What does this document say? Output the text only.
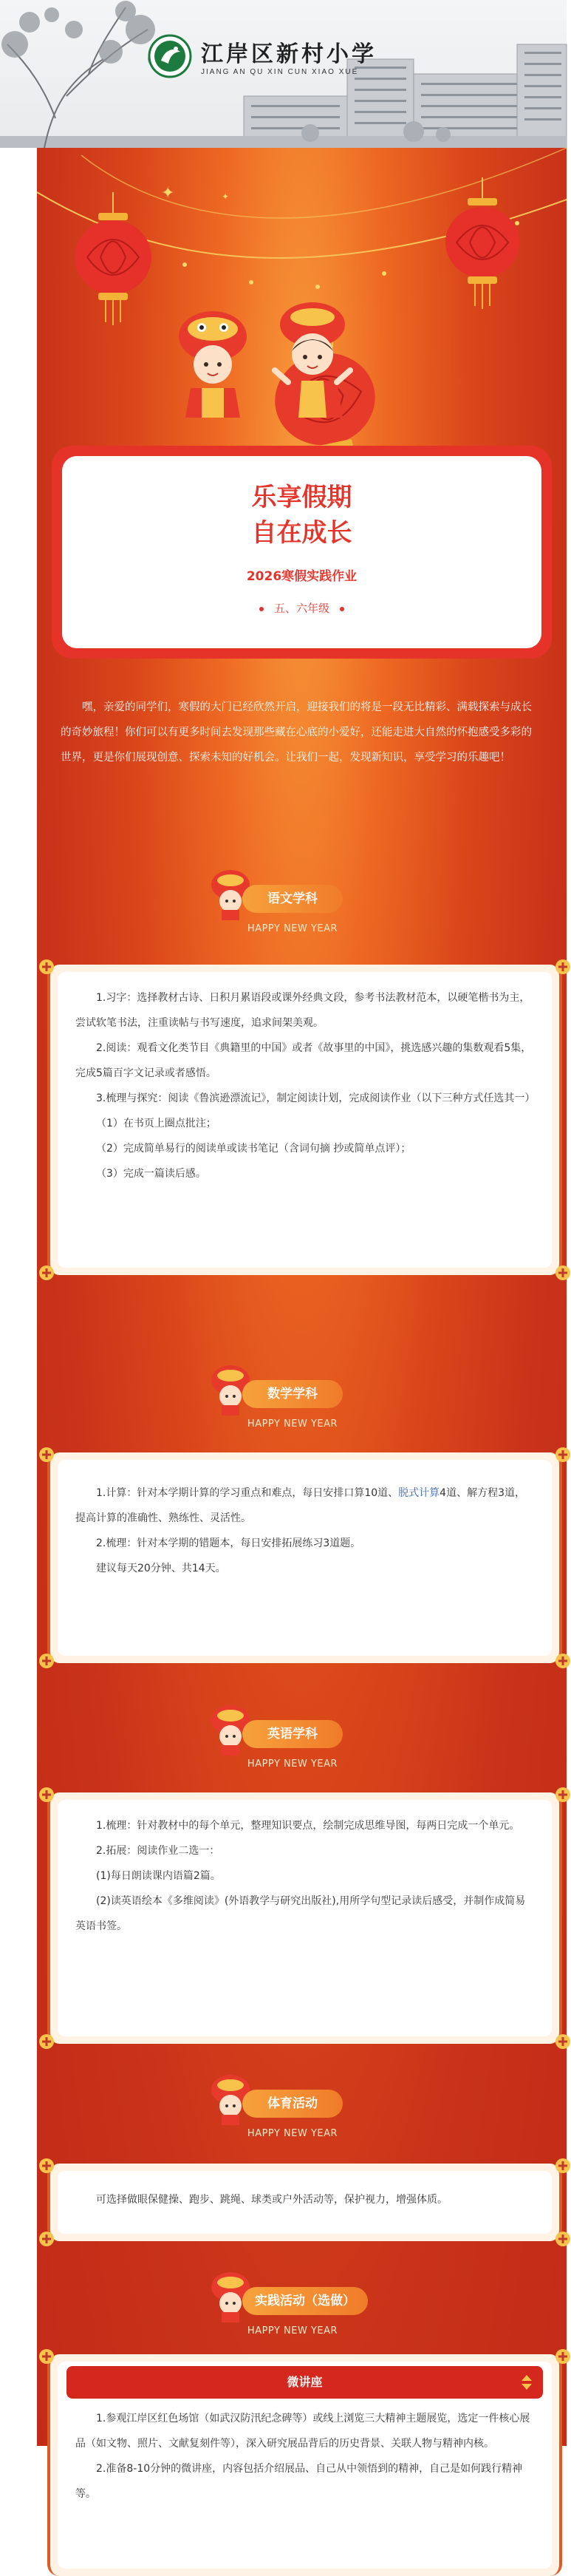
江岸区新村小学
JIANG AN QU XIN CUN XIAO XUE
✦	✦
乐享假期
自在成长
2026寒假实践作业
五、六年级

嘿，亲爱的同学们，寒假的大门已经欣然开启，迎接我们的将是一段无比精彩、满载探索与成长的奇妙旅程！你们可以有更多时间去发现那些藏在心底的小爱好，还能走进大自然的怀抱感受多彩的世界，更是你们展现创意、探索未知的好机会。让我们一起，发现新知识，享受学习的乐趣吧！

语文学科
HAPPY NEW YEAR

1.习字：选择教材古诗、日积月累语段或课外经典文段，参考书法教材范本，以硬笔楷书为主，尝试软笔书法，注重读帖与书写速度，追求间架美观。

2.阅读：观看文化类节目《典籍里的中国》或者《故事里的中国》，挑选感兴趣的集数观看5集，完成5篇百字文记录或者感悟。

3.梳理与探究：阅读《鲁滨逊漂流记》，制定阅读计划，完成阅读作业（以下三种方式任选其一）

（1）在书页上圈点批注；

（2）完成简单易行的阅读单或读书笔记（含词句摘 抄或简单点评）；

（3）完成一篇读后感。

数学学科
HAPPY NEW YEAR

1.计算：针对本学期计算的学习重点和难点，每日安排口算10道、脱式计算4道、解方程3道，提高计算的准确性、熟练性、灵活性。

2.梳理：针对本学期的错题本，每日安排拓展练习3道题。

建议每天20分钟、共14天。

英语学科
HAPPY NEW YEAR

1.梳理：针对教材中的每个单元，整理知识要点，绘制完成思维导图，每两日完成一个单元。

2.拓展：阅读作业二选一：

(1)每日朗读课内语篇2篇。

(2)读英语绘本《多维阅读》(外语教学与研究出版社),用所学句型记录读后感受，并制作成简易英语书签。

体育活动
HAPPY NEW YEAR

可选择做眼保健操、跑步、跳绳、球类或户外活动等，保护视力，增强体质。

实践活动（选做）
HAPPY NEW YEAR
微讲座

1.参观江岸区红色场馆（如武汉防汛纪念碑等）或线上浏览三大精神主题展览，选定一件核心展品（如文物、照片、文献复刻件等），深入研究展品背后的历史背景、关联人物与精神内核。

2.准备8-10分钟的微讲座，内容包括介绍展品、自己从中领悟到的精神，自己是如何践行精神等。
